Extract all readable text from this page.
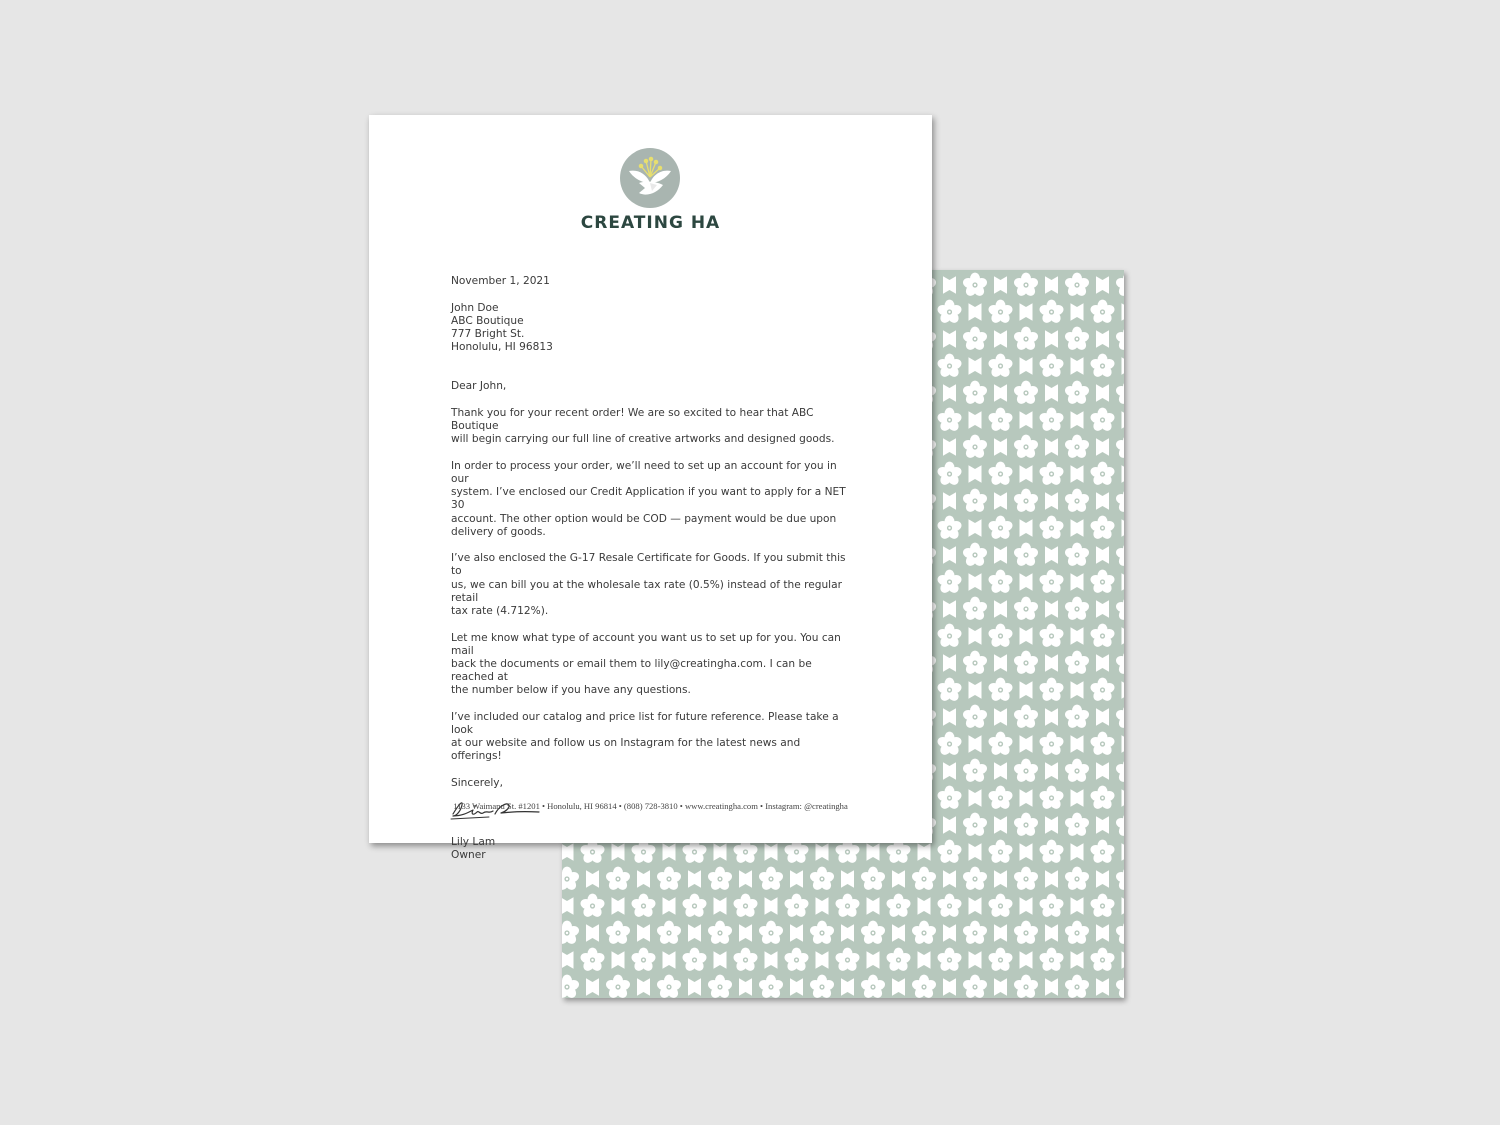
CREATING HA

November 1, 2021

John Doe
ABC Boutique
777 Bright St.
Honolulu, HI 96813

Dear John,

Thank you for your recent order! We are so excited to hear that ABC Boutique
will begin carrying our full line of creative artworks and designed goods.

In order to process your order, we’ll need to set up an account for you in our
system. I’ve enclosed our Credit Application if you want to apply for a NET 30
account. The other option would be COD — payment would be due upon
delivery of goods.

I’ve also enclosed the G-17 Resale Certificate for Goods. If you submit this to
us, we can bill you at the wholesale tax rate (0.5%) instead of the regular retail
tax rate (4.712%).

Let me know what type of account you want us to set up for you. You can mail
back the documents or email them to lily@creatingha.com. I can be reached at
the number below if you have any questions.

I’ve included our catalog and price list for future reference. Please take a look
at our website and follow us on Instagram for the latest news and offerings!

Sincerely,

Lily Lam
Owner

1133 Waimanu St. #1201 • Honolulu, HI 96814 • (808) 728-3810 • www.creatingha.com • Instagram: @creatingha
